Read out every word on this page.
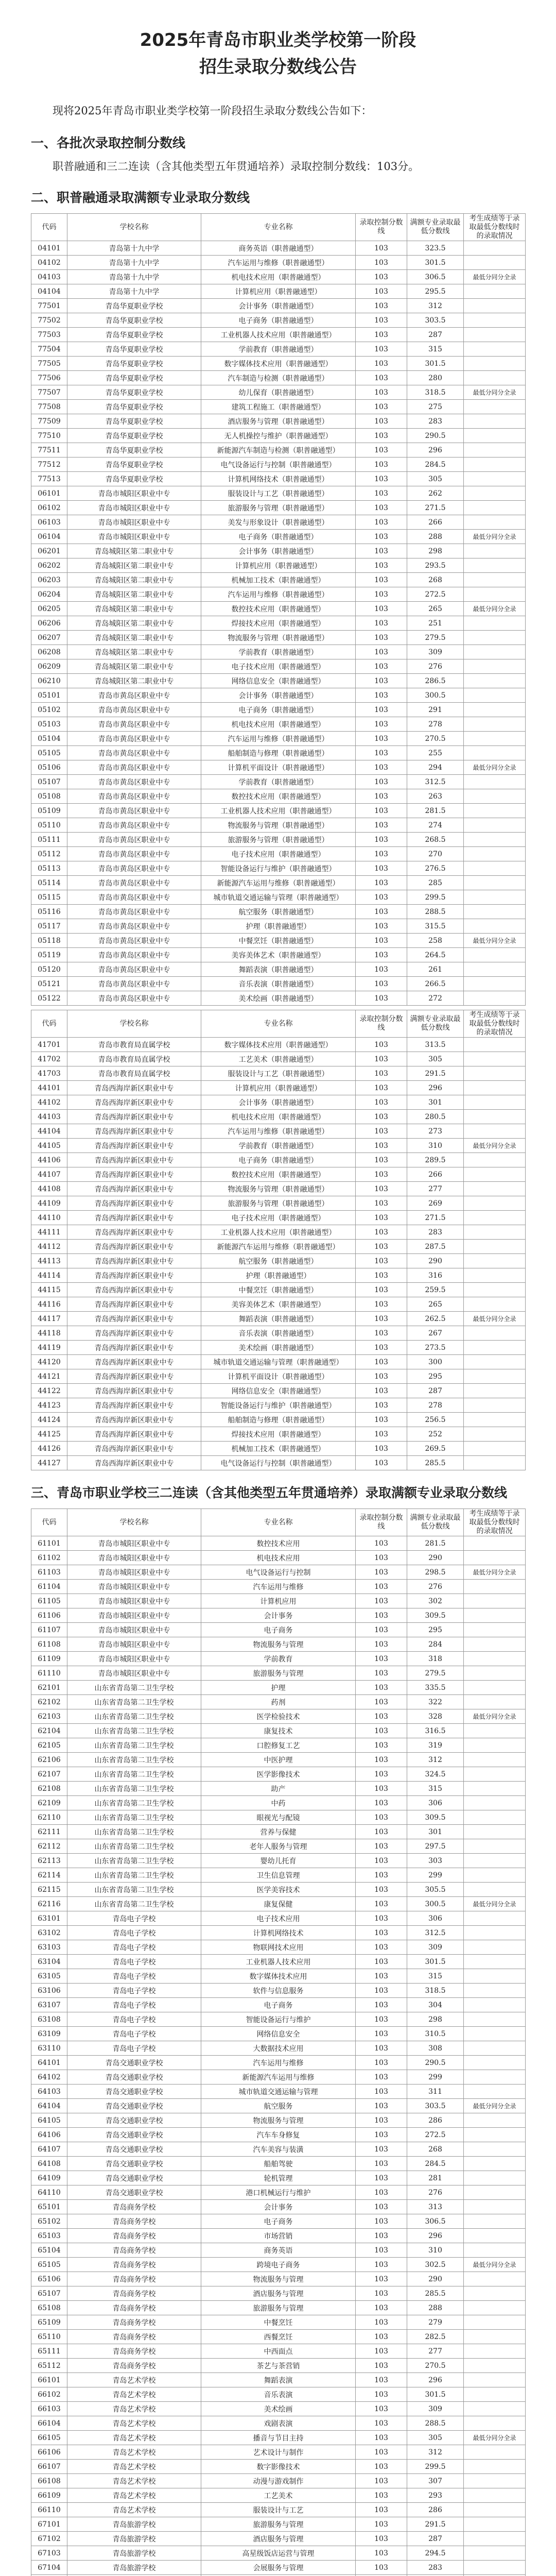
2025年青岛市职业类学校第一阶段
招生录取分数线公告

现将2025年青岛市职业类学校第一阶段招生录取分数线公告如下：

一、各批次录取控制分数线
职普融通和三二连读（含其他类型五年贯通培养）录取控制分数线：103分。
二、职普融通录取满额专业录取分数线
代码	学校名称	专业名称	录取控制分数线	满额专业录取最低分数线	考生成绩等于录取最低分数线时的录取情况
04101	青岛第十九中学	商务英语（职普融通型）	103	323.5	
04102	青岛第十九中学	汽车运用与维修（职普融通型）	103	301.5	
04103	青岛第十九中学	机电技术应用（职普融通型）	103	306.5	最低分同分全录
04104	青岛第十九中学	计算机应用（职普融通型）	103	295.5	
77501	青岛华夏职业学校	会计事务（职普融通型）	103	312	
77502	青岛华夏职业学校	电子商务（职普融通型）	103	303.5	
77503	青岛华夏职业学校	工业机器人技术应用（职普融通型）	103	287	
77504	青岛华夏职业学校	学前教育（职普融通型）	103	315	
77505	青岛华夏职业学校	数字媒体技术应用（职普融通型）	103	301.5	
77506	青岛华夏职业学校	汽车制造与检测（职普融通型）	103	280	
77507	青岛华夏职业学校	幼儿保育（职普融通型）	103	318.5	最低分同分全录
77508	青岛华夏职业学校	建筑工程施工（职普融通型）	103	275	
77509	青岛华夏职业学校	酒店服务与管理（职普融通型）	103	283	
77510	青岛华夏职业学校	无人机操控与维护（职普融通型）	103	290.5	
77511	青岛华夏职业学校	新能源汽车制造与检测（职普融通型）	103	296	
77512	青岛华夏职业学校	电气设备运行与控制（职普融通型）	103	284.5	
77513	青岛华夏职业学校	计算机网络技术（职普融通型）	103	305	
06101	青岛市城阳区职业中专	服装设计与工艺（职普融通型）	103	262	
06102	青岛市城阳区职业中专	旅游服务与管理（职普融通型）	103	271.5	
06103	青岛市城阳区职业中专	美发与形象设计（职普融通型）	103	266	
06104	青岛市城阳区职业中专	电子商务（职普融通型）	103	288	最低分同分全录
06201	青岛城阳区第二职业中专	会计事务（职普融通型）	103	298	
06202	青岛城阳区第二职业中专	计算机应用（职普融通型）	103	293.5	
06203	青岛城阳区第二职业中专	机械加工技术（职普融通型）	103	268	
06204	青岛城阳区第二职业中专	汽车运用与维修（职普融通型）	103	272.5	
06205	青岛城阳区第二职业中专	数控技术应用（职普融通型）	103	265	最低分同分全录
06206	青岛城阳区第二职业中专	焊接技术应用（职普融通型）	103	251	
06207	青岛城阳区第二职业中专	物流服务与管理（职普融通型）	103	279.5	
06208	青岛城阳区第二职业中专	学前教育（职普融通型）	103	309	
06209	青岛城阳区第二职业中专	电子技术应用（职普融通型）	103	276	
06210	青岛城阳区第二职业中专	网络信息安全（职普融通型）	103	286.5	
05101	青岛市黄岛区职业中专	会计事务（职普融通型）	103	300.5	
05102	青岛市黄岛区职业中专	电子商务（职普融通型）	103	291	
05103	青岛市黄岛区职业中专	机电技术应用（职普融通型）	103	278	
05104	青岛市黄岛区职业中专	汽车运用与维修（职普融通型）	103	270.5	
05105	青岛市黄岛区职业中专	船舶制造与修理（职普融通型）	103	255	
05106	青岛市黄岛区职业中专	计算机平面设计（职普融通型）	103	294	最低分同分全录
05107	青岛市黄岛区职业中专	学前教育（职普融通型）	103	312.5	
05108	青岛市黄岛区职业中专	数控技术应用（职普融通型）	103	263	
05109	青岛市黄岛区职业中专	工业机器人技术应用（职普融通型）	103	281.5	
05110	青岛市黄岛区职业中专	物流服务与管理（职普融通型）	103	274	
05111	青岛市黄岛区职业中专	旅游服务与管理（职普融通型）	103	268.5	
05112	青岛市黄岛区职业中专	电子技术应用（职普融通型）	103	270	
05113	青岛市黄岛区职业中专	智能设备运行与维护（职普融通型）	103	276.5	
05114	青岛市黄岛区职业中专	新能源汽车运用与维修（职普融通型）	103	285	
05115	青岛市黄岛区职业中专	城市轨道交通运输与管理（职普融通型）	103	299.5	
05116	青岛市黄岛区职业中专	航空服务（职普融通型）	103	288.5	
05117	青岛市黄岛区职业中专	护理（职普融通型）	103	315.5	
05118	青岛市黄岛区职业中专	中餐烹饪（职普融通型）	103	258	最低分同分全录
05119	青岛市黄岛区职业中专	美容美体艺术（职普融通型）	103	264.5	
05120	青岛市黄岛区职业中专	舞蹈表演（职普融通型）	103	261	
05121	青岛市黄岛区职业中专	音乐表演（职普融通型）	103	266.5	
05122	青岛市黄岛区职业中专	美术绘画（职普融通型）	103	272	
代码	学校名称	专业名称	录取控制分数线	满额专业录取最低分数线	考生成绩等于录取最低分数线时的录取情况
41701	青岛市教育局直属学校	数字媒体技术应用（职普融通型）	103	313.5	
41702	青岛市教育局直属学校	工艺美术（职普融通型）	103	305	
41703	青岛市教育局直属学校	服装设计与工艺（职普融通型）	103	291.5	
44101	青岛西海岸新区职业中专	计算机应用（职普融通型）	103	296	
44102	青岛西海岸新区职业中专	会计事务（职普融通型）	103	301	
44103	青岛西海岸新区职业中专	机电技术应用（职普融通型）	103	280.5	
44104	青岛西海岸新区职业中专	汽车运用与维修（职普融通型）	103	273	
44105	青岛西海岸新区职业中专	学前教育（职普融通型）	103	310	最低分同分全录
44106	青岛西海岸新区职业中专	电子商务（职普融通型）	103	289.5	
44107	青岛西海岸新区职业中专	数控技术应用（职普融通型）	103	266	
44108	青岛西海岸新区职业中专	物流服务与管理（职普融通型）	103	277	
44109	青岛西海岸新区职业中专	旅游服务与管理（职普融通型）	103	269	
44110	青岛西海岸新区职业中专	电子技术应用（职普融通型）	103	271.5	
44111	青岛西海岸新区职业中专	工业机器人技术应用（职普融通型）	103	283	
44112	青岛西海岸新区职业中专	新能源汽车运用与维修（职普融通型）	103	287.5	
44113	青岛西海岸新区职业中专	航空服务（职普融通型）	103	290	
44114	青岛西海岸新区职业中专	护理（职普融通型）	103	316	
44115	青岛西海岸新区职业中专	中餐烹饪（职普融通型）	103	259.5	
44116	青岛西海岸新区职业中专	美容美体艺术（职普融通型）	103	265	
44117	青岛西海岸新区职业中专	舞蹈表演（职普融通型）	103	262.5	最低分同分全录
44118	青岛西海岸新区职业中专	音乐表演（职普融通型）	103	267	
44119	青岛西海岸新区职业中专	美术绘画（职普融通型）	103	273.5	
44120	青岛西海岸新区职业中专	城市轨道交通运输与管理（职普融通型）	103	300	
44121	青岛西海岸新区职业中专	计算机平面设计（职普融通型）	103	295	
44122	青岛西海岸新区职业中专	网络信息安全（职普融通型）	103	287	
44123	青岛西海岸新区职业中专	智能设备运行与维护（职普融通型）	103	278	
44124	青岛西海岸新区职业中专	船舶制造与修理（职普融通型）	103	256.5	
44125	青岛西海岸新区职业中专	焊接技术应用（职普融通型）	103	252	
44126	青岛西海岸新区职业中专	机械加工技术（职普融通型）	103	269.5	
44127	青岛西海岸新区职业中专	电气设备运行与控制（职普融通型）	103	285.5	
三、青岛市职业学校三二连读（含其他类型五年贯通培养）录取满额专业录取分数线
代码	学校名称	专业名称	录取控制分数线	满额专业录取最低分数线	考生成绩等于录取最低分数线时的录取情况
61101	青岛市城阳区职业中专	数控技术应用	103	281.5	
61102	青岛市城阳区职业中专	机电技术应用	103	290	
61103	青岛市城阳区职业中专	电气设备运行与控制	103	298.5	最低分同分全录
61104	青岛市城阳区职业中专	汽车运用与维修	103	276	
61105	青岛市城阳区职业中专	计算机应用	103	302	
61106	青岛市城阳区职业中专	会计事务	103	309.5	
61107	青岛市城阳区职业中专	电子商务	103	295	
61108	青岛市城阳区职业中专	物流服务与管理	103	284	
61109	青岛市城阳区职业中专	学前教育	103	318	
61110	青岛市城阳区职业中专	旅游服务与管理	103	279.5	
62101	山东省青岛第二卫生学校	护理	103	335.5	
62102	山东省青岛第二卫生学校	药剂	103	322	
62103	山东省青岛第二卫生学校	医学检验技术	103	328	最低分同分全录
62104	山东省青岛第二卫生学校	康复技术	103	316.5	
62105	山东省青岛第二卫生学校	口腔修复工艺	103	319	
62106	山东省青岛第二卫生学校	中医护理	103	312	
62107	山东省青岛第二卫生学校	医学影像技术	103	324.5	
62108	山东省青岛第二卫生学校	助产	103	315	
62109	山东省青岛第二卫生学校	中药	103	306	
62110	山东省青岛第二卫生学校	眼视光与配镜	103	309.5	
62111	山东省青岛第二卫生学校	营养与保健	103	301	
62112	山东省青岛第二卫生学校	老年人服务与管理	103	297.5	
62113	山东省青岛第二卫生学校	婴幼儿托育	103	303	
62114	山东省青岛第二卫生学校	卫生信息管理	103	299	
62115	山东省青岛第二卫生学校	医学美容技术	103	305.5	
62116	山东省青岛第二卫生学校	康复保健	103	300.5	最低分同分全录
63101	青岛电子学校	电子技术应用	103	306	
63102	青岛电子学校	计算机网络技术	103	312.5	
63103	青岛电子学校	物联网技术应用	103	309	
63104	青岛电子学校	工业机器人技术应用	103	301.5	
63105	青岛电子学校	数字媒体技术应用	103	315	
63106	青岛电子学校	软件与信息服务	103	318.5	
63107	青岛电子学校	电子商务	103	304	
63108	青岛电子学校	智能设备运行与维护	103	298	
63109	青岛电子学校	网络信息安全	103	310.5	
63110	青岛电子学校	大数据技术应用	103	308	
64101	青岛交通职业学校	汽车运用与维修	103	290.5	
64102	青岛交通职业学校	新能源汽车运用与维修	103	299	
64103	青岛交通职业学校	城市轨道交通运输与管理	103	311	
64104	青岛交通职业学校	航空服务	103	303.5	最低分同分全录
64105	青岛交通职业学校	物流服务与管理	103	286	
64106	青岛交通职业学校	汽车车身修复	103	272.5	
64107	青岛交通职业学校	汽车美容与装潢	103	268	
64108	青岛交通职业学校	船舶驾驶	103	284.5	
64109	青岛交通职业学校	轮机管理	103	281	
64110	青岛交通职业学校	港口机械运行与维护	103	276	
65101	青岛商务学校	会计事务	103	313	
65102	青岛商务学校	电子商务	103	306.5	
65103	青岛商务学校	市场营销	103	296	
65104	青岛商务学校	商务英语	103	310	
65105	青岛商务学校	跨境电子商务	103	302.5	最低分同分全录
65106	青岛商务学校	物流服务与管理	103	290	
65107	青岛商务学校	酒店服务与管理	103	285.5	
65108	青岛商务学校	旅游服务与管理	103	288	
65109	青岛商务学校	中餐烹饪	103	279	
65110	青岛商务学校	西餐烹饪	103	282.5	
65111	青岛商务学校	中西面点	103	277	
65112	青岛商务学校	茶艺与茶营销	103	270.5	
66101	青岛艺术学校	舞蹈表演	103	296	
66102	青岛艺术学校	音乐表演	103	301.5	
66103	青岛艺术学校	美术绘画	103	309	
66104	青岛艺术学校	戏剧表演	103	288.5	
66105	青岛艺术学校	播音与节目主持	103	305	最低分同分全录
66106	青岛艺术学校	艺术设计与制作	103	312	
66107	青岛艺术学校	数字影像技术	103	299.5	
66108	青岛艺术学校	动漫与游戏制作	103	307	
66109	青岛艺术学校	工艺美术	103	293	
66110	青岛艺术学校	服装设计与工艺	103	286	
67101	青岛旅游学校	旅游服务与管理	103	291.5	
67102	青岛旅游学校	酒店服务与管理	103	287	
67103	青岛旅游学校	高星级饭店运营与管理	103	294.5	
67104	青岛旅游学校	会展服务与管理	103	283	
